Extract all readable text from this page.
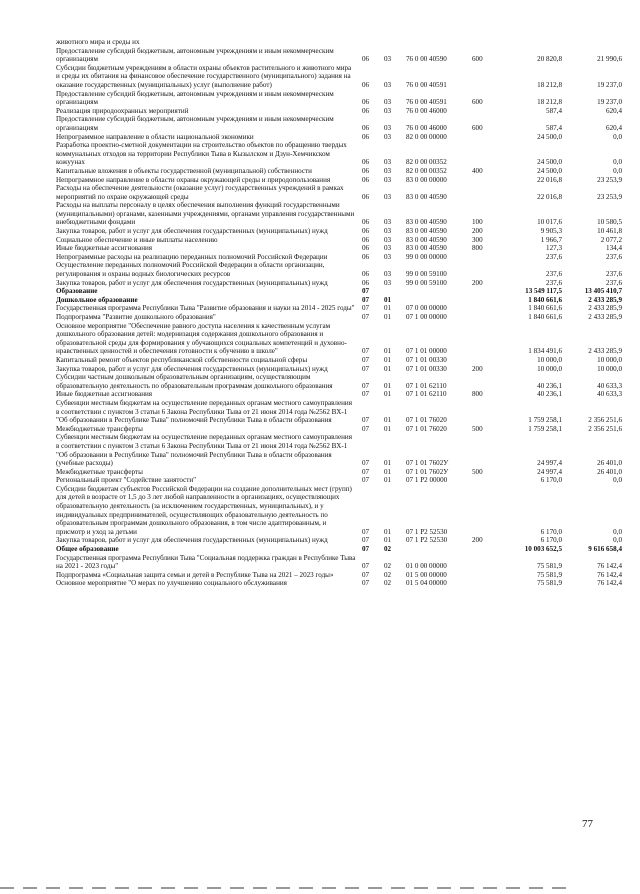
животного мира и среды их						
Предоставление субсидий бюджетным, автономным учреждениям и иным некоммерческим организациям	06	03	76 0 00 40590	600	20 820,8	21 990,6
Субсидии бюджетным учреждениям в области охраны объектов растительного и животного мира и среды их обитания на финансовое обеспечение государственного (муниципального) задания на оказание государственных (муниципальных) услуг (выполнение работ)	06	03	76 0 00 40591		18 212,8	19 237,0
Предоставление субсидий бюджетным, автономным учреждениям и иным некоммерческим организациям	06	03	76 0 00 40591	600	18 212,8	19 237,0
Реализация природоохранных мероприятий	06	03	76 0 00 46000		587,4	620,4
Предоставление субсидий бюджетным, автономным учреждениям и иным некоммерческим организациям	06	03	76 0 00 46000	600	587,4	620,4
Непрограммное направление в области национальной экономики	06	03	82 0 00 00000		24 500,0	0,0
Разработка проектно-сметной документации на строительство объектов по обращению твердых коммунальных отходов на территории Республики Тыва в Кызылском и Дзун-Хемчикском кожуунах	06	03	82 0 00 00352		24 500,0	0,0
Капитальные вложения в объекты государственной (муниципальной) собственности	06	03	82 0 00 00352	400	24 500,0	0,0
Непрограммное направление в области охраны окружающей среды и природопользования	06	03	83 0 00 00000		22 016,8	23 253,9
Расходы на обеспечение деятельности (оказание услуг) государственных учреждений в рамках мероприятий по охране окружающей среды	06	03	83 0 00 40590		22 016,8	23 253,9
Расходы на выплаты персоналу в целях обеспечения выполнения функций государственными (муниципальными) органами, казенными учреждениями, органами управления государственными внебюджетными фондами	06	03	83 0 00 40590	100	10 017,6	10 580,5
Закупка товаров, работ и услуг для обеспечения государственных (муниципальных) нужд	06	03	83 0 00 40590	200	9 905,3	10 461,8
Социальное обеспечение и иные выплаты населению	06	03	83 0 00 40590	300	1 966,7	2 077,2
Иные бюджетные ассигнования	06	03	83 0 00 40590	800	127,3	134,4
Непрограммные расходы на реализацию переданных полномочий Российской Федерации	06	03	99 0 00 00000		237,6	237,6
Осуществление переданных полномочий Российской Федерации в области организации, регулирования и охраны водных биологических ресурсов	06	03	99 0 00 59100		237,6	237,6
Закупка товаров, работ и услуг для обеспечения государственных (муниципальных) нужд	06	03	99 0 00 59100	200	237,6	237,6
Образование	07				13 549 117,5	13 405 410,7
Дошкольное образование	07	01			1 840 661,6	2 433 285,9
Государственная программа Республики Тыва "Развитие образования и науки на 2014 - 2025 годы"	07	01	07 0 00 00000		1 840 661,6	2 433 285,9
Подпрограмма "Развитие дошкольного образования"	07	01	07 1 00 00000		1 840 661,6	2 433 285,9
Основное мероприятие "Обеспечение равного доступа населения к качественным услугам дошкольного образования детей: модернизация содержания дошкольного образования и образовательной среды для формирования у обучающихся социальных компетенций и духовно-нравственных ценностей и обеспечения готовности к обучению в школе"	07	01	07 1 01 00000		1 834 491,6	2 433 285,9
Капитальный ремонт объектов республиканской собственности социальной сферы	07	01	07 1 01 00330		10 000,0	10 000,0
Закупка товаров, работ и услуг для обеспечения государственных (муниципальных) нужд	07	01	07 1 01 00330	200	10 000,0	10 000,0
Субсидии частным дошкольным образовательным организациям, осуществляющим образовательную деятельность по образовательным программам дошкольного образования	07	01	07 1 01 62110		40 236,1	40 633,3
Иные бюджетные ассигнования	07	01	07 1 01 62110	800	40 236,1	40 633,3
Субвенции местным бюджетам на осуществление переданных органам местного самоуправления в соответствии с пунктом 3 статьи 6 Закона Республики Тыва от 21 июня 2014 года №2562 ВХ-1 "Об образовании в Республике Тыва" полномочий Республики Тыва в области образования	07	01	07 1 01 76020		1 759 258,1	2 356 251,6
Межбюджетные трансферты	07	01	07 1 01 76020	500	1 759 258,1	2 356 251,6
Субвенции местным бюджетам на осуществление переданных органам местного самоуправления в соответствии с пунктом 3 статьи 6 Закона Республики Тыва от 21 июня 2014 года №2562 ВХ-1 "Об образовании в Республике Тыва" полномочий Республики Тыва в области образования (учебные расходы)	07	01	07 1 01 7602У		24 997,4	26 401,0
Межбюджетные трансферты	07	01	07 1 01 7602У	500	24 997,4	26 401,0
Региональный проект "Содействие занятости"	07	01	07 1 P2 00000		6 170,0	0,0
Субсидии бюджетам субъектов Российской Федерации на создание дополнительных мест (групп) для детей в возрасте от 1,5 до 3 лет любой направленности в организациях, осуществляющих образовательную деятельность (за исключением государственных, муниципальных), и у индивидуальных предпринимателей, осуществляющих образовательную деятельность по образовательным программам дошкольного образования, в том числе адаптированным, и присмотр и уход за детьми	07	01	07 1 P2 52530		6 170,0	0,0
Закупка товаров, работ и услуг для обеспечения государственных (муниципальных) нужд	07	01	07 1 P2 52530	200	6 170,0	0,0
Общее образование	07	02			10 003 652,5	9 616 658,4
Государственная программа Республики Тыва "Социальная поддержка граждан в Республике Тыва на 2021 - 2023 годы"	07	02	01 0 00 00000		75 581,9	76 142,4
Подпрограмма «Социальная защита семьи и детей в Республике Тыва на 2021 – 2023 годы»	07	02	01 5 00 00000		75 581,9	76 142,4
Основное мероприятие "О мерах по улучшению социального обслуживания	07	02	01 5 04 00000		75 581,9	76 142,4
77
